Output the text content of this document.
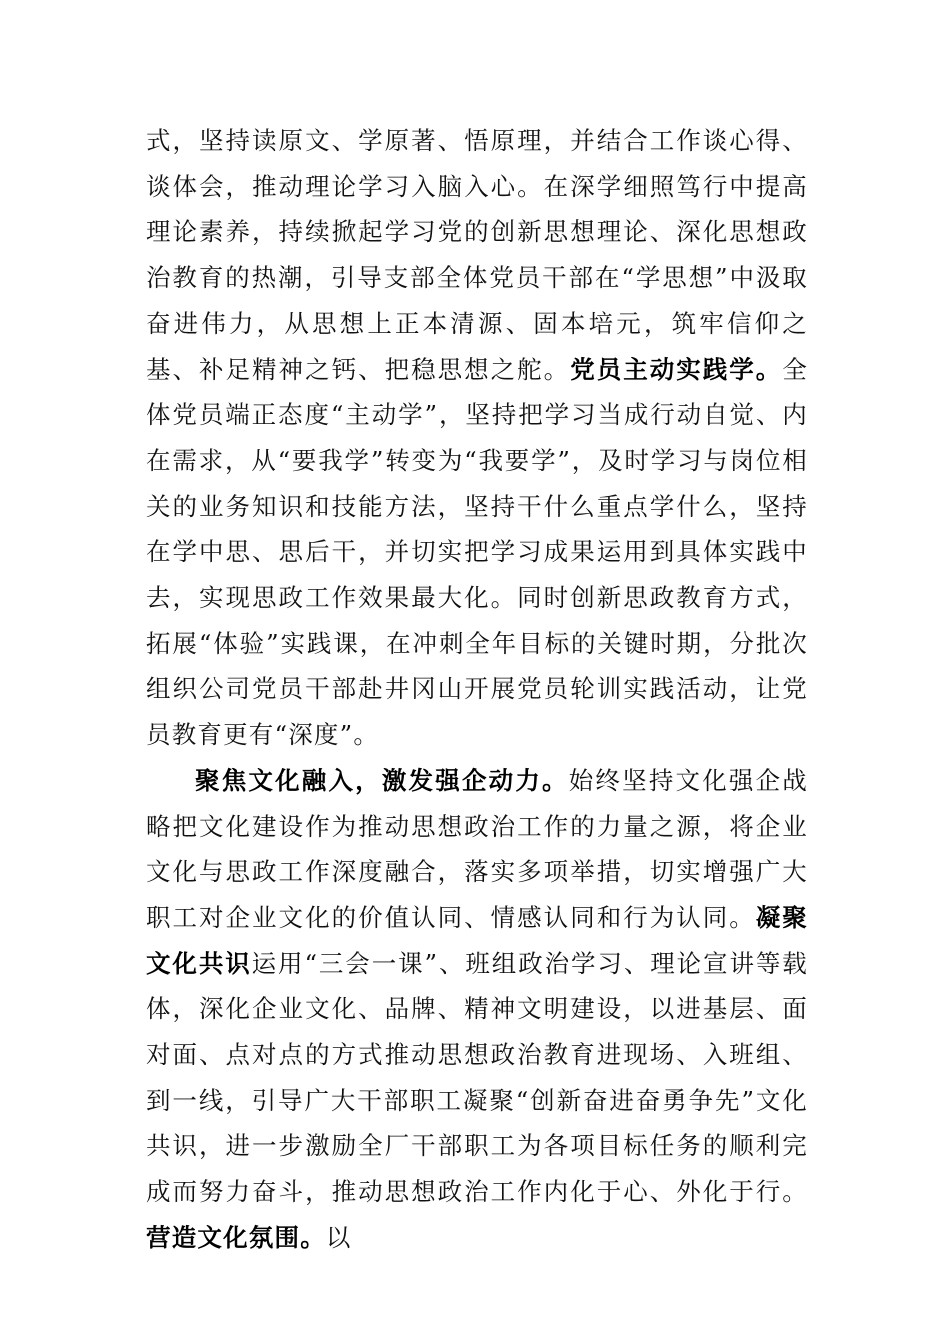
式，坚持读原文、学原著、悟原理，并结合工作谈心得、谈体会，推动理论学习入脑入心。在深学细照笃行中提高理论素养，持续掀起学习党的创新思想理论、深化思想政治教育的热潮，引导支部全体党员干部在“学思想”中汲取奋进伟力，从思想上正本清源、固本培元，筑牢信仰之基、补足精神之钙、把稳思想之舵。党员主动实践学。全体党员端正态度“主动学”，坚持把学习当成行动自觉、内在需求，从“要我学”转变为“我要学”，及时学习与岗位相关的业务知识和技能方法，坚持干什么重点学什么，坚持在学中思、思后干，并切实把学习成果运用到具体实践中去，实现思政工作效果最大化。同时创新思政教育方式，拓展“体验”实践课，在冲刺全年目标的关键时期，分批次组织公司党员干部赴井冈山开展党员轮训实践活动，让党员教育更有“深度”。

聚焦文化融入，激发强企动力。始终坚持文化强企战略把文化建设作为推动思想政治工作的力量之源，将企业文化与思政工作深度融合，落实多项举措，切实增强广大职工对企业文化的价值认同、情感认同和行为认同。凝聚文化共识运用“三会一课”、班组政治学习、理论宣讲等载体，深化企业文化、品牌、精神文明建设，以进基层、面对面、点对点的方式推动思想政治教育进现场、入班组、到一线，引导广大干部职工凝聚“创新奋进奋勇争先”文化共识，进一步激励全厂干部职工为各项目标任务的顺利完成而努力奋斗，推动思想政治工作内化于心、外化于行。营造文化氛围。以
